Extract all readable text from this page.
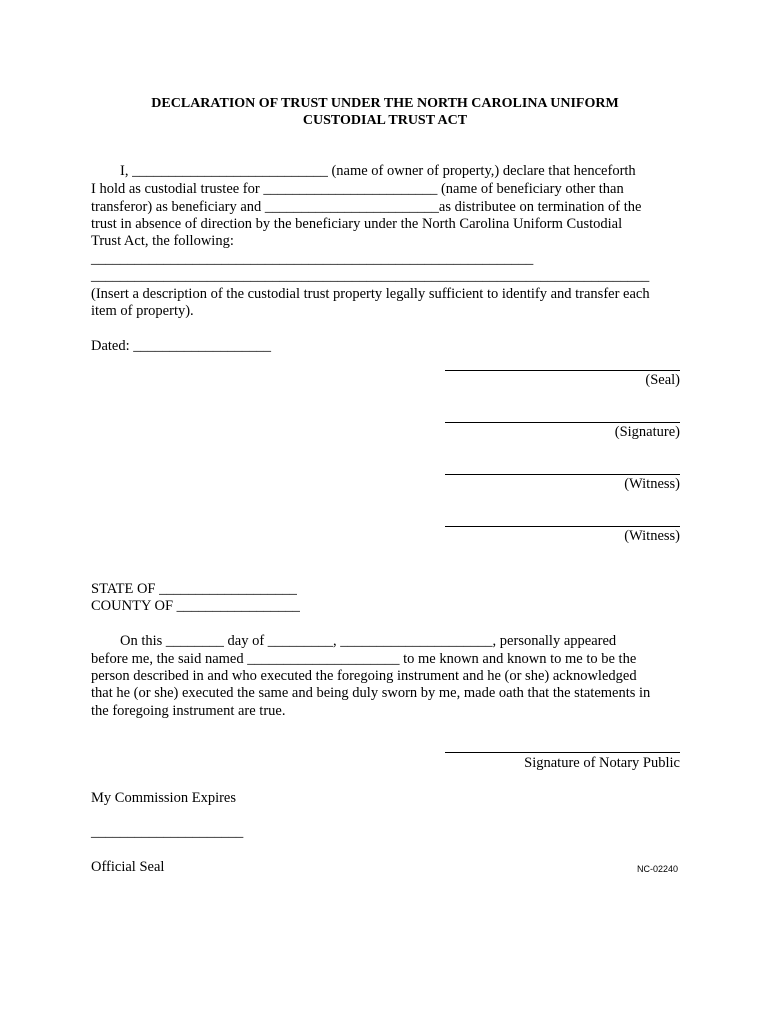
DECLARATION OF TRUST UNDER THE NORTH CAROLINA UNIFORM
CUSTODIAL TRUST ACT
I, ___________________________ (name of owner of property,) declare that henceforth
I hold as custodial trustee for ________________________ (name of beneficiary other than
transferor) as beneficiary and ________________________as distributee on termination of the
trust in absence of direction by the beneficiary under the North Carolina Uniform Custodial
Trust Act, the following:
_____________________________________________________________
_____________________________________________________________________________
(Insert a description of the custodial trust property legally sufficient to identify and transfer each
item of property).
Dated: ___________________
(Seal)
(Signature)
(Witness)
(Witness)
STATE OF ___________________
COUNTY OF _________________
On this ________ day of _________, _____________________, personally appeared
before me, the said named _____________________ to me known and known to me to be the
person described in and who executed the foregoing instrument and he (or she) acknowledged
that he (or she) executed the same and being duly sworn by me, made oath that the statements in
the foregoing instrument are true.
Signature of Notary Public
My Commission Expires
_____________________
Official Seal	NC-02240
